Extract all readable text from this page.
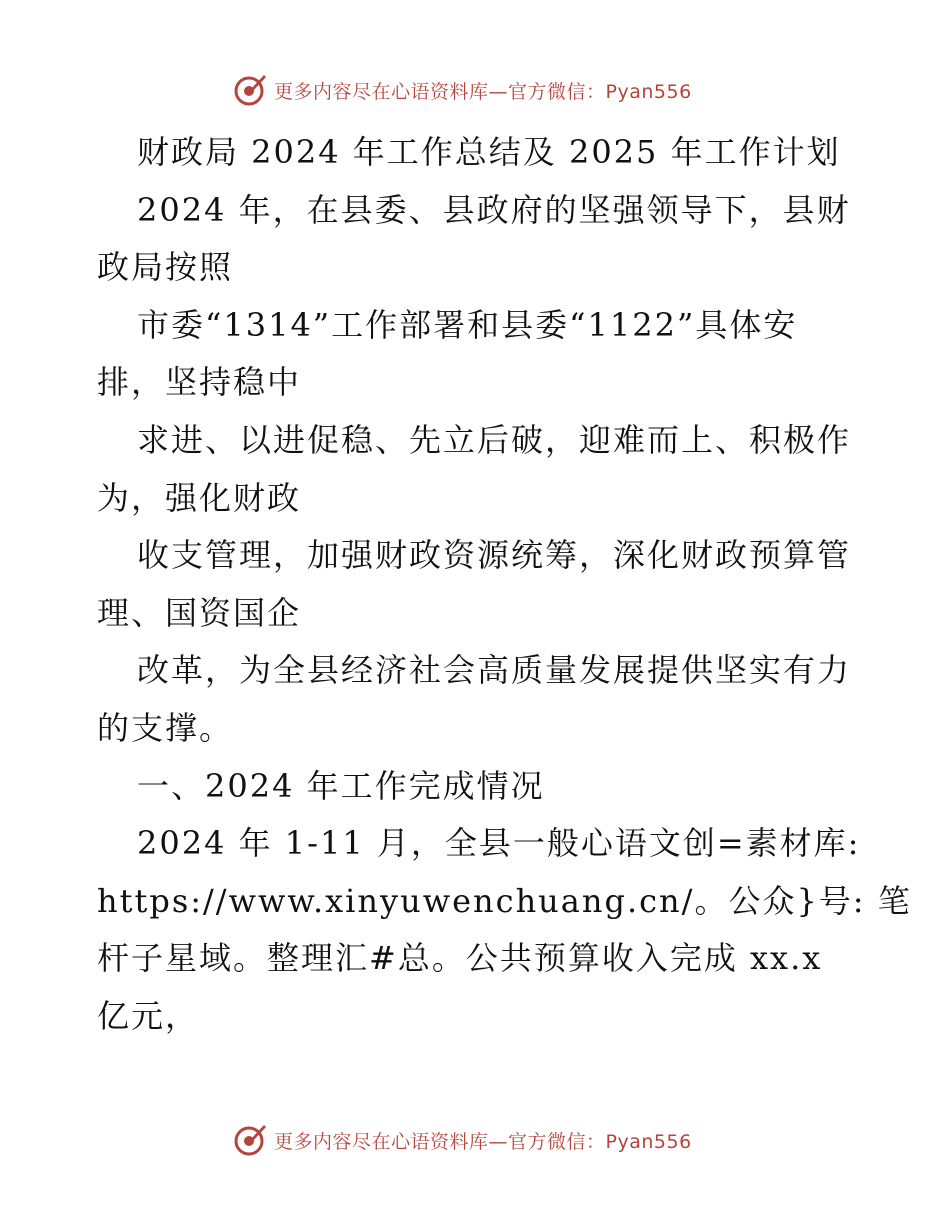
更多内容尽在心语资料库—官方微信：Pyan556
财政局 2024 年工作总结及 2025 年工作计划
2024 年，在县委、县政府的坚强领导下，县财
政局按照
市委“1314”工作部署和县委“1122”具体安
排，坚持稳中
求进、以进促稳、先立后破，迎难而上、积极作
为，强化财政
收支管理，加强财政资源统筹，深化财政预算管
理、国资国企
改革，为全县经济社会高质量发展提供坚实有力
的支撑。
一、2024 年工作完成情况
2024 年 1-11 月，全县一般心语文创=素材库:
https://www.xinyuwenchuang.cn/。公众}号: 笔
杆子星域。整理汇#总。公共预算收入完成 xx.x
亿元，
更多内容尽在心语资料库—官方微信：Pyan556
